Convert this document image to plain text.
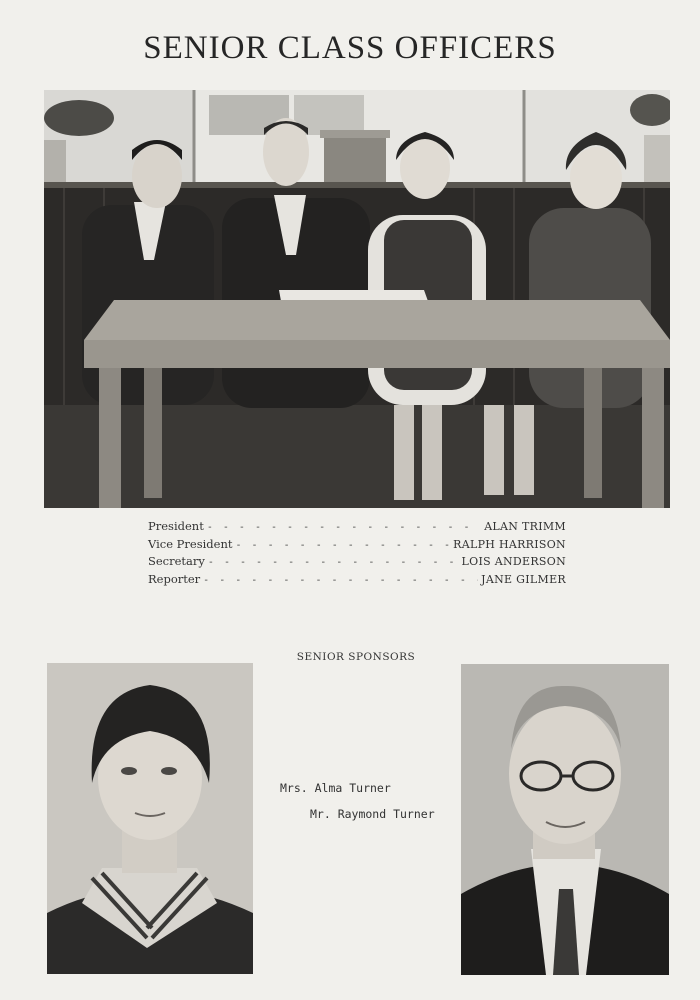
SENIOR CLASS OFFICERS
President - - -	ALAN TRIMM
Vice President - - -	RALPH HARRISON
Secretary - - -	LOIS ANDERSON
Reporter - - -	JANE GILMER
SENIOR SPONSORS
Mrs. Alma Turner
Mr. Raymond Turner
